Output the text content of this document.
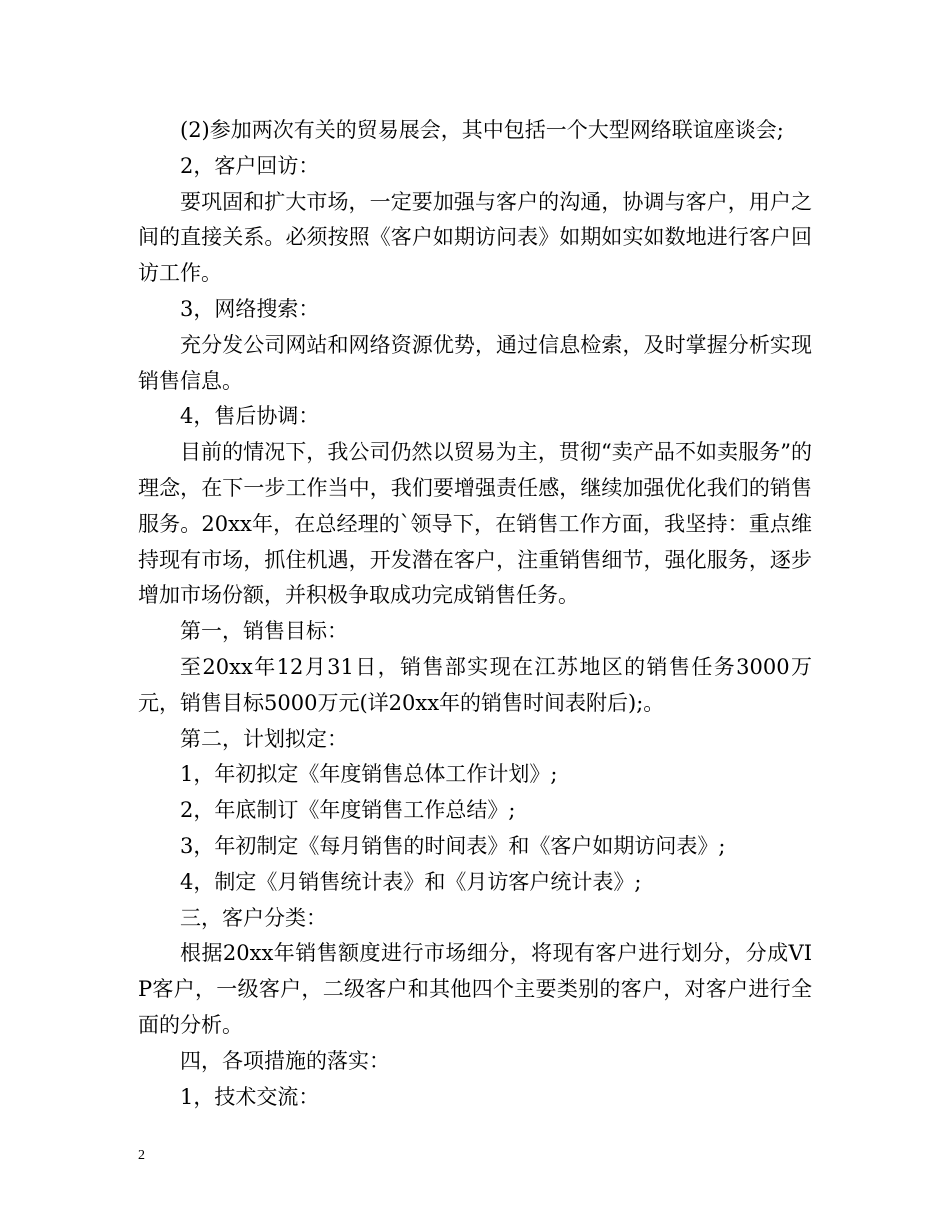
(2)参加两次有关的贸易展会，其中包括一个大型网络联谊座谈会;

2，客户回访：

要巩固和扩大市场，一定要加强与客户的沟通，协调与客户，用户之间的直接关系。必须按照《客户如期访问表》如期如实如数地进行客户回访工作。

3，网络搜索：

充分发公司网站和网络资源优势，通过信息检索，及时掌握分析实现销售信息。

4，售后协调：

目前的情况下，我公司仍然以贸易为主，贯彻“卖产品不如卖服务”的理念，在下一步工作当中，我们要增强责任感，继续加强优化我们的销售服务。20xx年，在总经理的`领导下，在销售工作方面，我坚持：重点维持现有市场，抓住机遇，开发潜在客户，注重销售细节，强化服务，逐步增加市场份额，并积极争取成功完成销售任务。

第一，销售目标：

至20xx年12月31日，销售部实现在江苏地区的销售任务3000万元，销售目标5000万元(详20xx年的销售时间表附后);。

第二，计划拟定：

1，年初拟定《年度销售总体工作计划》;

2，年底制订《年度销售工作总结》;

3，年初制定《每月销售的时间表》和《客户如期访问表》;

4，制定《月销售统计表》和《月访客户统计表》;

三，客户分类：

根据20xx年销售额度进行市场细分，将现有客户进行划分，分成VIP客户，一级客户，二级客户和其他四个主要类别的客户，对客户进行全面的分析。

四，各项措施的落实：

1，技术交流：

2
